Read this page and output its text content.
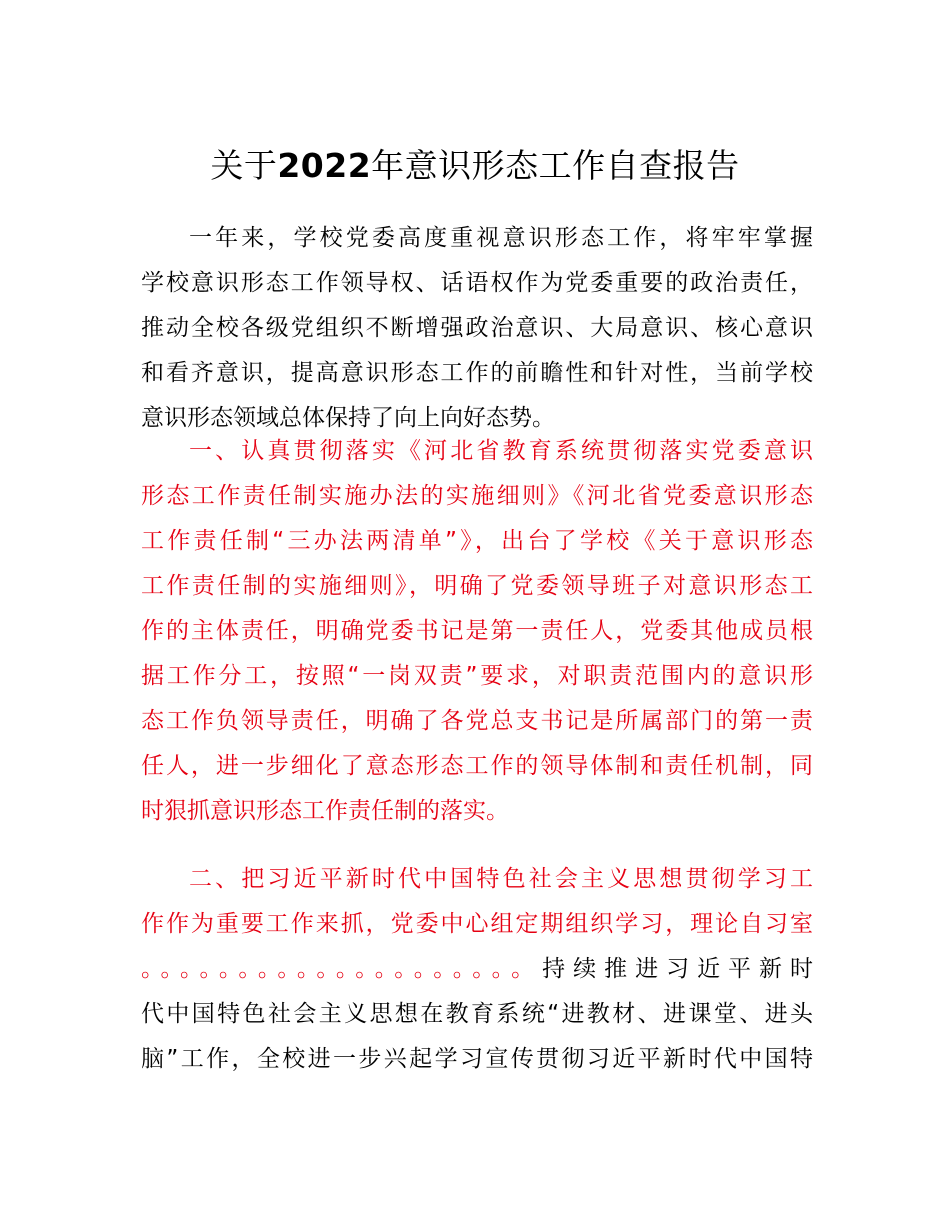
关于2022年意识形态工作自查报告
一年来，学校党委高度重视意识形态工作，将牢牢掌握
学校意识形态工作领导权、话语权作为党委重要的政治责任，
推动全校各级党组织不断增强政治意识、大局意识、核心意识
和看齐意识，提高意识形态工作的前瞻性和针对性，当前学校
意识形态领域总体保持了向上向好态势。
一、认真贯彻落实《河北省教育系统贯彻落实党委意识
形态工作责任制实施办法的实施细则》《河北省党委意识形态
工作责任制“三办法两清单”》，出台了学校《关于意识形态
工作责任制的实施细则》，明确了党委领导班子对意识形态工
作的主体责任，明确党委书记是第一责任人，党委其他成员根
据工作分工，按照“一岗双责”要求，对职责范围内的意识形
态工作负领导责任，明确了各党总支书记是所属部门的第一责
任人，进一步细化了意态形态工作的领导体制和责任机制，同
时狠抓意识形态工作责任制的落实。
二、把习近平新时代中国特色社会主义思想贯彻学习工
作作为重要工作来抓，党委中心组定期组织学习，理论自习室
。。。。。。。。。。。。。。。。。。。。持续推进习近平新时
代中国特色社会主义思想在教育系统“进教材、进课堂、进头
脑”工作，全校进一步兴起学习宣传贯彻习近平新时代中国特
